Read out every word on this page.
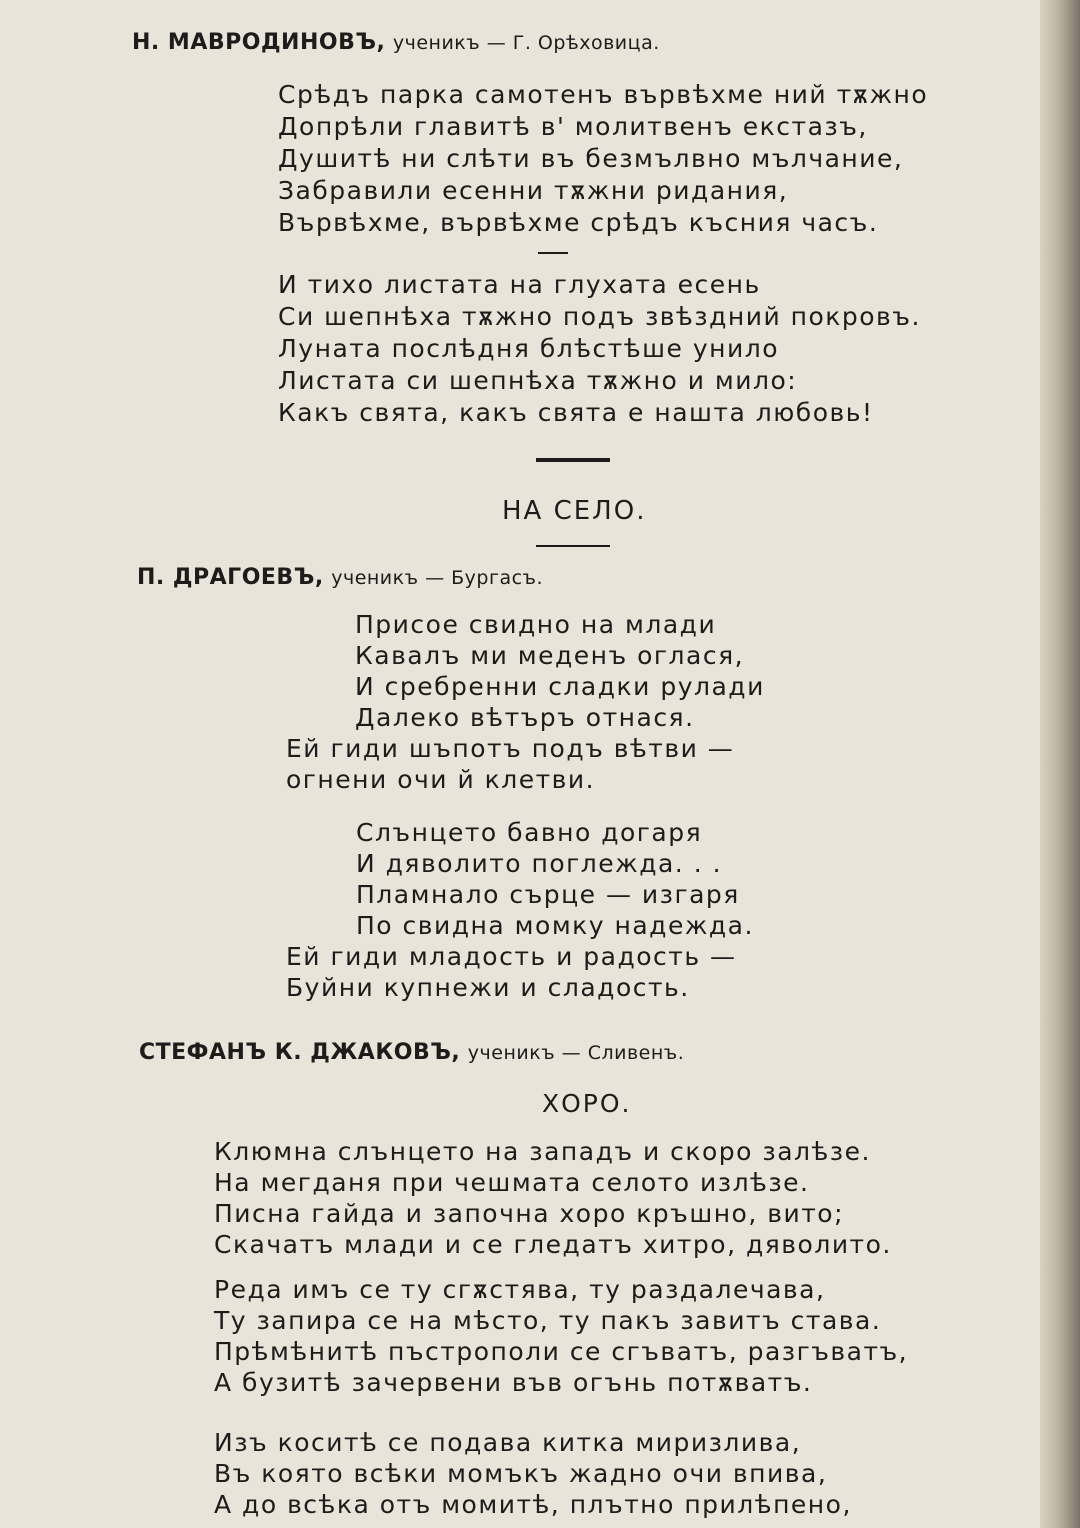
Н. МАВРОДИНОВЪ, ученикъ — Г. Орѣховица.
Срѣдъ парка самотенъ вървѣхме ний тѫжно
Допрѣли главитѣ в' молитвенъ екстазъ,
Душитѣ ни слѣти въ безмълвно мълчание,
Забравили есенни тѫжни ридания,
Вървѣхме, вървѣхме срѣдъ късния часъ.
И тихо листата на глухата есень
Си шепнѣха тѫжно подъ звѣздний покровъ.
Луната послѣдня блѣстѣше унило
Листата си шепнѣха тѫжно и мило:
Какъ свята, какъ свята е нашта любовь!
НА СЕЛО.
П. ДРАГОЕВЪ, ученикъ — Бургасъ.
Присое свидно на млади
Кавалъ ми меденъ оглася,
И сребренни сладки рулади
Далеко вѣтъръ отнася.
Ей гиди шъпотъ подъ вѣтви —
огнени очи й клетви.
Слънцето бавно догаря
И дяволито поглежда. . .
Пламнало сърце — изгаря
По свидна момку надежда.
Ей гиди младость и радость —
Буйни купнежи и сладость.
СТЕФАНЪ К. ДЖАКОВЪ, ученикъ — Сливенъ.
ХОРО.
Клюмна слънцето на западъ и скоро залѣзе.
На мегданя при чешмата селото излѣзе.
Писна гайда и започна хоро кръшно, вито;
Скачатъ млади и се гледатъ хитро, дяволито.
Реда имъ се ту сгѫстява, ту раздалечава,
Ту запира се на мѣсто, ту пакъ завитъ става.
Прѣмѣнитѣ пъстрополи се сгъватъ, разгъватъ,
А бузитѣ зачервени във огънь потѫватъ.
Изъ коситѣ се подава китка миризлива,
Въ която всѣки момъкъ жадно очи впива,
А до всѣка отъ момитѣ, плътно прилѣпено,
